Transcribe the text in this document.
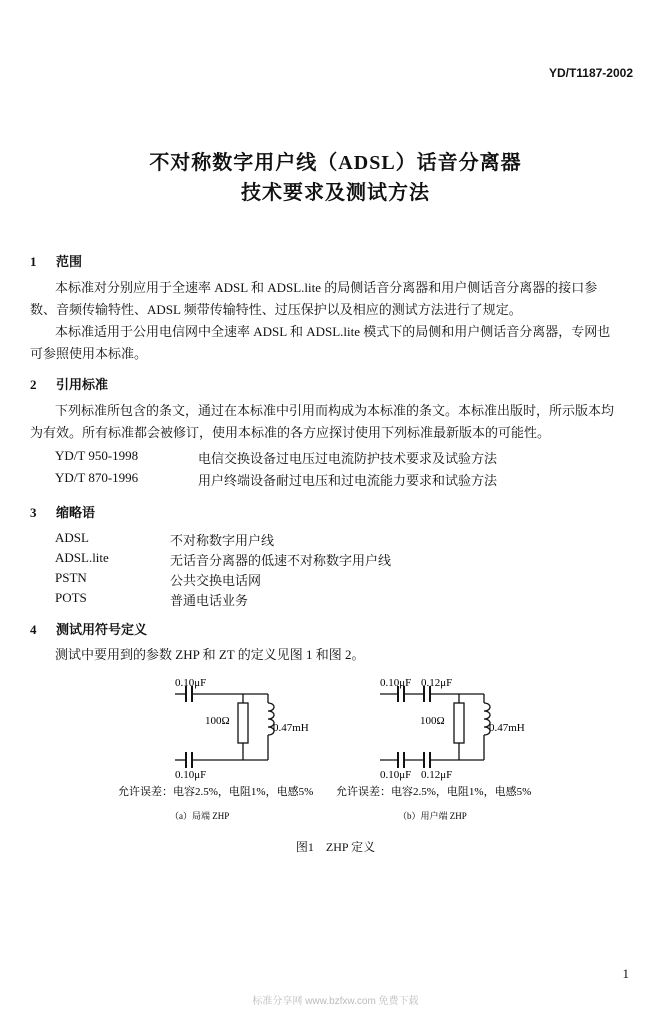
YD/T1187-2002
不对称数字用户线（ADSL）话音分离器
技术要求及测试方法
1 范围
本标准对分别应用于全速率 ADSL 和 ADSL.lite 的局侧话音分离器和用户侧话音分离器的接口参
数、音频传输特性、ADSL 频带传输特性、过压保护以及相应的测试方法进行了规定。
本标准适用于公用电信网中全速率 ADSL 和 ADSL.lite 模式下的局侧和用户侧话音分离器，专网也
可参照使用本标准。
2 引用标准
下列标准所包含的条文，通过在本标准中引用而构成为本标准的条文。本标准出版时，所示版本均
为有效。所有标准都会被修订，使用本标准的各方应探讨使用下列标准最新版本的可能性。
YD/T 950-1998	电信交换设备过电压过电流防护技术要求及试验方法
YD/T 870-1996	用户终端设备耐过电压和过电流能力要求和试验方法
3 缩略语
ADSL	不对称数字用户线
ADSL.lite	无话音分离器的低速不对称数字用户线
PSTN	公共交换电话网
POTS	普通电话业务
4 测试用符号定义
测试中要用到的参数 ZHP 和 ZT 的定义见图 1 和图 2。
0.10μF
0.10μF
100Ω
0.47mH
允许误差：电容2.5%，电阻1%，电感5%
（a）局端 ZHP
0.10μF 0.12μF
0.10μF 0.12μF
100Ω
0.47mH
允许误差：电容2.5%，电阻1%，电感5%
（b）用户端 ZHP
图1　ZHP 定义
1
标准分享网 www.bzfxw.com 免费下载
